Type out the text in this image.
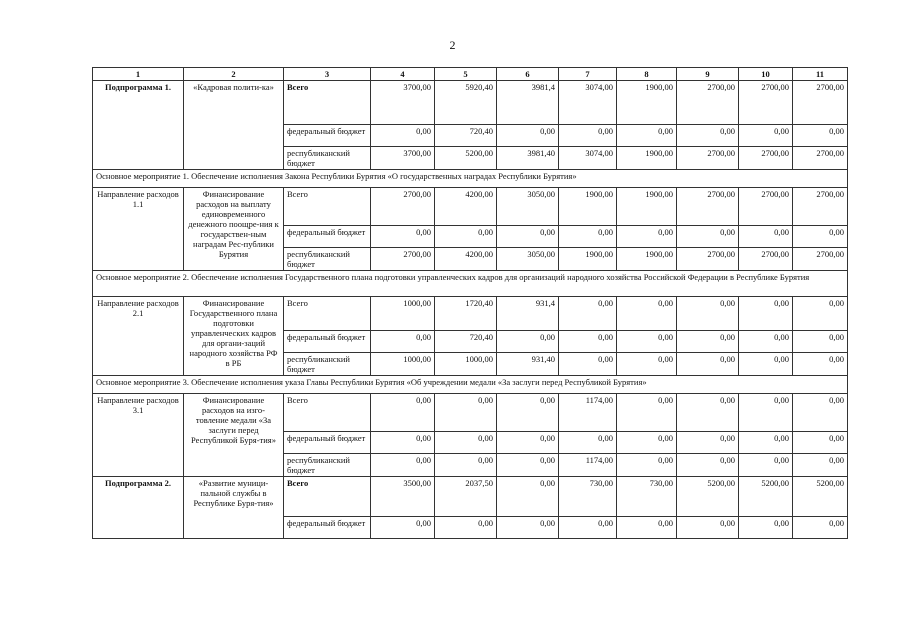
2
1	2	3	4	5	6	7	8	9	10	11
Подпрограмма 1.	«Кадровая полити-ка»	Всего	3700,00	5920,40	3981,4	3074,00	1900,00	2700,00	2700,00	2700,00
		федеральный бюджет	0,00	720,40	0,00	0,00	0,00	0,00	0,00	0,00
		республиканский бюджет	3700,00	5200,00	3981,40	3074,00	1900,00	2700,00	2700,00	2700,00
Основное мероприятие 1. Обеспечение исполнения Закона Республики Бурятия «О государственных наградах Республики Бурятия»										
Направление расходов 1.1	Финансирование расходов на выплату единовременного денежного поощре-ния к государствен-ным наградам Рес-публики Бурятия	Всего	2700,00	4200,00	3050,00	1900,00	1900,00	2700,00	2700,00	2700,00
		федеральный бюджет	0,00	0,00	0,00	0,00	0,00	0,00	0,00	0,00
		республиканский бюджет	2700,00	4200,00	3050,00	1900,00	1900,00	2700,00	2700,00	2700,00
Основное мероприятие 2. Обеспечение исполнения Государственного плана подготовки управленческих кадров для организаций народного хозяйства Российской Федерации в Республике Бурятия										
Направление расходов 2.1	Финансирование Государственного плана подготовки управленческих кадров для органи-заций народного хозяйства РФ в РБ	Всего	1000,00	1720,40	931,4	0,00	0,00	0,00	0,00	0,00
		федеральный бюджет	0,00	720,40	0,00	0,00	0,00	0,00	0,00	0,00
		республиканский бюджет	1000,00	1000,00	931,40	0,00	0,00	0,00	0,00	0,00
Основное мероприятие 3. Обеспечение исполнения указа Главы Республики Бурятия «Об учреждении медали «За заслуги перед Республикой Бурятия»										
Направление расходов 3.1	Финансирование расходов на изго-товление медали «За заслуги перед Республикой Буря-тия»	Всего	0,00	0,00	0,00	1174,00	0,00	0,00	0,00	0,00
		федеральный бюджет	0,00	0,00	0,00	0,00	0,00	0,00	0,00	0,00
		республиканский бюджет	0,00	0,00	0,00	1174,00	0,00	0,00	0,00	0,00
Подпрограмма 2.	«Развитие муници-пальной службы в Республике Буря-тия»	Всего	3500,00	2037,50	0,00	730,00	730,00	5200,00	5200,00	5200,00
		федеральный бюджет	0,00	0,00	0,00	0,00	0,00	0,00	0,00	0,00
